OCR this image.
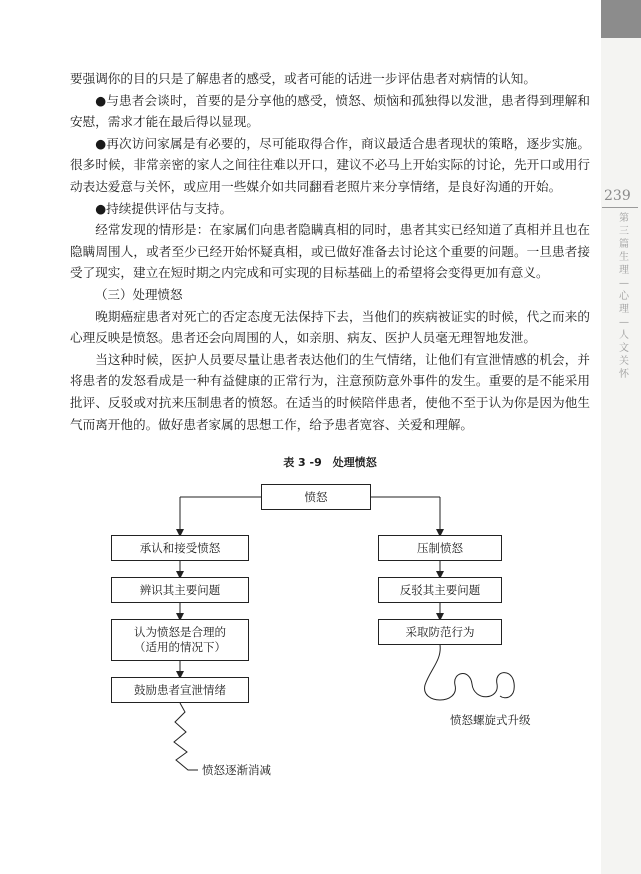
239
第三篇生理—心理—人文关怀

要强调你的目的只是了解患者的感受，或者可能的话进一步评估患者对病情的认知。

●与患者会谈时，首要的是分享他的感受，愤怒、烦恼和孤独得以发泄，患者得到理解和安慰，需求才能在最后得以显现。

●再次访问家属是有必要的，尽可能取得合作，商议最适合患者现状的策略，逐步实施。很多时候，非常亲密的家人之间往往难以开口，建议不必马上开始实际的讨论，先开口或用行动表达爱意与关怀，或应用一些媒介如共同翻看老照片来分享情绪，是良好沟通的开始。

●持续提供评估与支持。

经常发现的情形是：在家属们向患者隐瞒真相的同时，患者其实已经知道了真相并且也在隐瞒周围人，或者至少已经开始怀疑真相，或已做好准备去讨论这个重要的问题。一旦患者接受了现实，建立在短时期之内完成和可实现的目标基础上的希望将会变得更加有意义。

（三）处理愤怒

晚期癌症患者对死亡的否定态度无法保持下去，当他们的疾病被证实的时候，代之而来的心理反映是愤怒。患者还会向周围的人，如亲朋、病友、医护人员毫无理智地发泄。

当这种时候，医护人员要尽量让患者表达他们的生气情绪，让他们有宣泄情感的机会，并将患者的发怒看成是一种有益健康的正常行为，注意预防意外事件的发生。重要的是不能采用批评、反驳或对抗来压制患者的愤怒。在适当的时候陪伴患者，使他不至于认为你是因为他生气而离开他的。做好患者家属的思想工作，给予患者宽容、关爱和理解。

表 3 -9　处理愤怒
愤怒
承认和接受愤怒
辨识其主要问题
认为愤怒是合理的
（适用的情况下）
鼓励患者宣泄情绪
压制愤怒
反驳其主要问题
采取防范行为
愤怒逐渐消减
愤怒螺旋式升级
